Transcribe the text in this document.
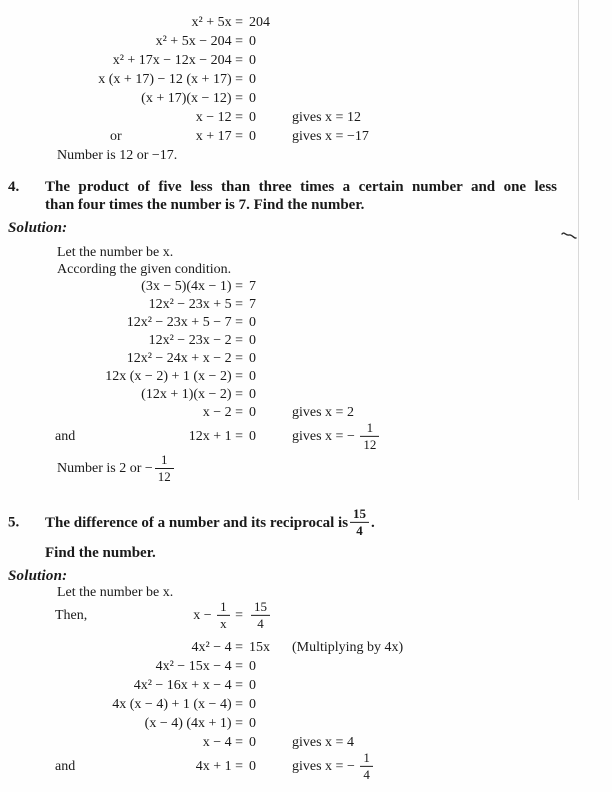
x² + 5x = 204
x² + 5x − 204 = 0
x² + 17x − 12x − 204 = 0
x (x + 17) − 12 (x + 17) = 0
(x + 17)(x − 12) = 0
x − 12 = 0	gives x = 12
or	x + 17 = 0	gives x = −17
Number is 12 or −17.
4. The product of five less than three times a certain number and one less
than four times the number is 7. Find the number.
Solution:
Let the number be x.
According the given condition.
(3x − 5)(4x − 1) = 7
12x² − 23x + 5 = 7
12x² − 23x + 5 − 7 = 0
12x² − 23x − 2 = 0
12x² − 24x + x − 2 = 0
12x (x − 2) + 1 (x − 2) = 0
(12x + 1)(x − 2) = 0
x − 2 = 0	gives x = 2
and	12x + 1 = 0	gives x = − $\frac{1}{12}$
Number is 2 or − $\frac{1}{12}$
5. The difference of a number and its reciprocal is $\frac{15}{4}$ .
Find the number.
Solution:
Let the number be x.
Then,	$x - \frac{1}{x} = \frac{15}{4}$
4x² − 4 = 15x (Multiplying by 4x)
4x² − 15x − 4 = 0
4x² − 16x + x − 4 = 0
4x (x − 4) + 1 (x − 4) = 0
(x − 4) (4x + 1) = 0
x − 4 = 0	gives x = 4
and	4x + 1 = 0	gives x = − $\frac{1}{4}$
